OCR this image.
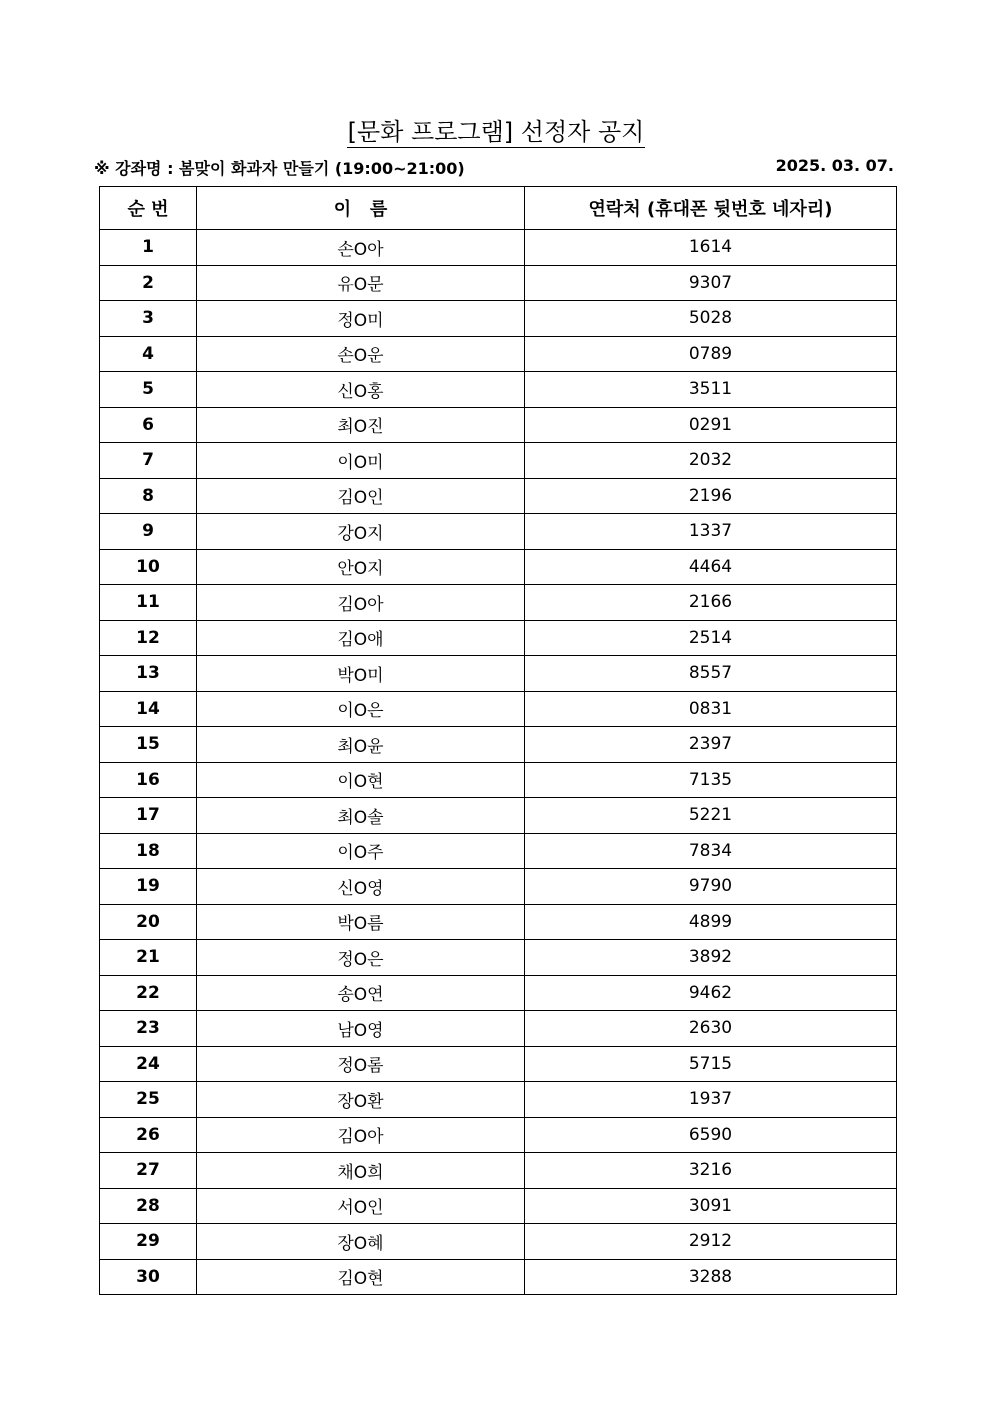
[문화 프로그램] 선정자 공지
※ 강좌명 : 봄맞이 화과자 만들기 (19:00~21:00)	2025. 03. 07.
순 번	이   름	연락처 (휴대폰 뒷번호 네자리)
1	손O아	1614
2	유O문	9307
3	정O미	5028
4	손O운	0789
5	신O홍	3511
6	최O진	0291
7	이O미	2032
8	김O인	2196
9	강O지	1337
10	안O지	4464
11	김O아	2166
12	김O애	2514
13	박O미	8557
14	이O은	0831
15	최O윤	2397
16	이O현	7135
17	최O솔	5221
18	이O주	7834
19	신O영	9790
20	박O름	4899
21	정O은	3892
22	송O연	9462
23	남O영	2630
24	정O롬	5715
25	장O환	1937
26	김O아	6590
27	채O희	3216
28	서O인	3091
29	장O혜	2912
30	김O현	3288
